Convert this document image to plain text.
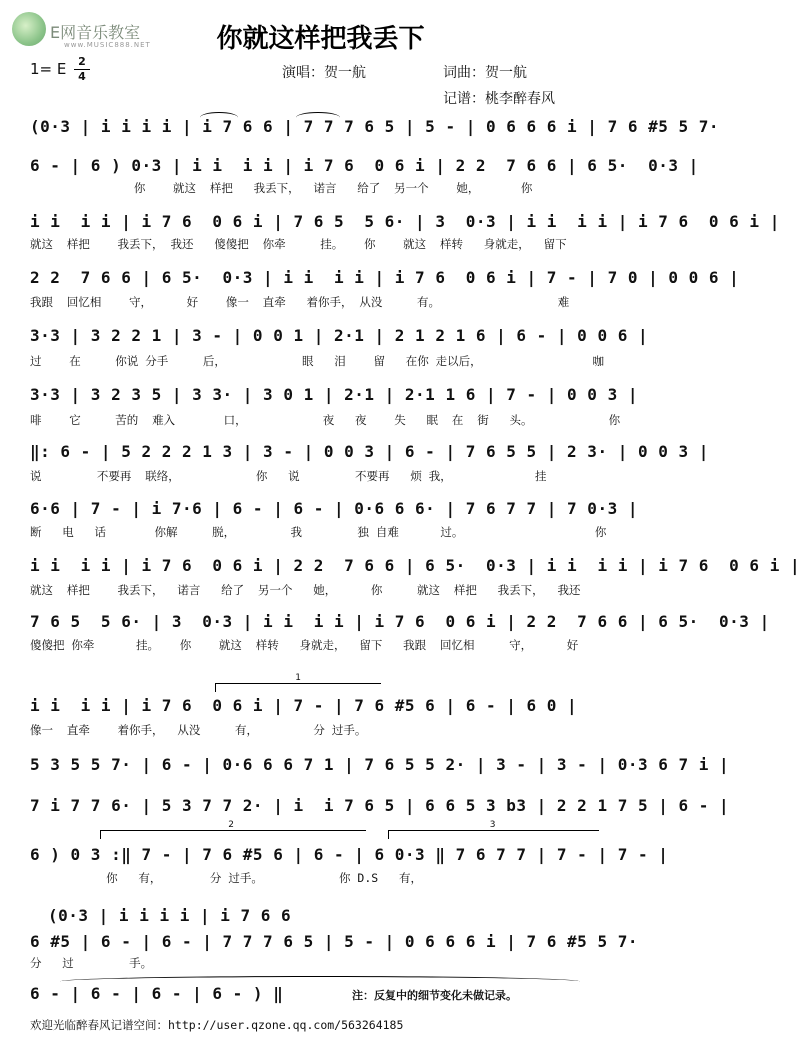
E网音乐教室
www.MUSIC888.NET	你就这样把我丢下
1= E	2
4	演唱：贺一航	词曲：贺一航
记谱：桃李醉春风
(0·3 | i i i i | i 7 6 6 | 7 7 7 6 5 | 5 - | 0 6 6 6 i | 7 6 #5 5 7·
6 - | 6 ) 0·3 | i i  i i | i 7 6  0 6 i | 2 2  7 6 6 | 6 5·  0·3 |
你    就这  样把   我丢下，  诺言   给了  另一个    她，      你
i i  i i | i 7 6  0 6 i | 7 6 5  5 6· | 3  0·3 | i i  i i | i 7 6  0 6 i |
就这  样把    我丢下， 我还   傻傻把  你牵     挂。   你    就这  样转   身就走，  留下
2 2  7 6 6 | 6 5·  0·3 | i i  i i | i 7 6  0 6 i | 7 - | 7 0 | 0 0 6 |
我跟  回忆相    守，     好    像一  直牵   着你手， 从没     有。                 难
3·3 | 3 2 2 1 | 3 - | 0 0 1 | 2·1 | 2 1 2 1 6 | 6 - | 0 0 6 |
过    在     你说 分手     后，           眼   泪    留   在你 走以后，                咖
3·3 | 3 2 3 5 | 3 3· | 3 0 1 | 2·1 | 2·1 1 6 | 7 - | 0 0 3 |
啡    它     苦的  难入       口，           夜   夜    失   眠  在  街   头。           你
‖: 6 - | 5 2 2 2 1 3 | 3 - | 0 0 3 | 6 - | 7 6 5 5 | 2 3· | 0 0 3 |
说        不要再  联络，           你   说        不要再   烦 我，            挂
6·6 | 7 - | i 7·6 | 6 - | 6 - | 0·6 6 6· | 7 6 7 7 | 7 0·3 |
断   电   话       你解     脱，        我        独 自难      过。                   你
i i  i i | i 7 6  0 6 i | 2 2  7 6 6 | 6 5·  0·3 | i i  i i | i 7 6  0 6 i |
就这  样把    我丢下，  诺言   给了  另一个   她，     你     就这  样把   我丢下，  我还
7 6 5  5 6· | 3  0·3 | i i  i i | i 7 6  0 6 i | 2 2  7 6 6 | 6 5·  0·3 |
傻傻把 你牵      挂。   你    就这  样转   身就走，  留下   我跟  回忆相     守，     好
1
i i  i i | i 7 6  0 6 i | 7 - | 7 6 #5 6 | 6 - | 6 0 |
像一  直牵    着你手，  从没     有，        分 过手。
5 3 5 5 7· | 6 - | 0·6 6 6 7 1 | 7 6 5 5 2· | 3 - | 3 - | 0·3 6 7 i |
7 i 7 7 6· | 5 3 7 7 2· | i  i 7 6 5 | 6 6 5 3 b3 | 2 2 1 7 5 | 6 - |
2	3
6 ) 0 3 :‖ 7 - | 7 6 #5 6 | 6 - | 6 0·3 ‖ 7 6 7 7 | 7 - | 7 - |
你   有，       分 过手。           你 D.S   有，
(0·3 | i i i i | i 7 6 6
6 #5 | 6 - | 6 - | 7 7 7 6 5 | 5 - | 0 6 6 6 i | 7 6 #5 5 7·
分   过        手。
6 - | 6 - | 6 - | 6 - ) ‖	注：反复中的细节变化未做记录。
欢迎光临醉春风记谱空间：http://user.qzone.qq.com/563264185
